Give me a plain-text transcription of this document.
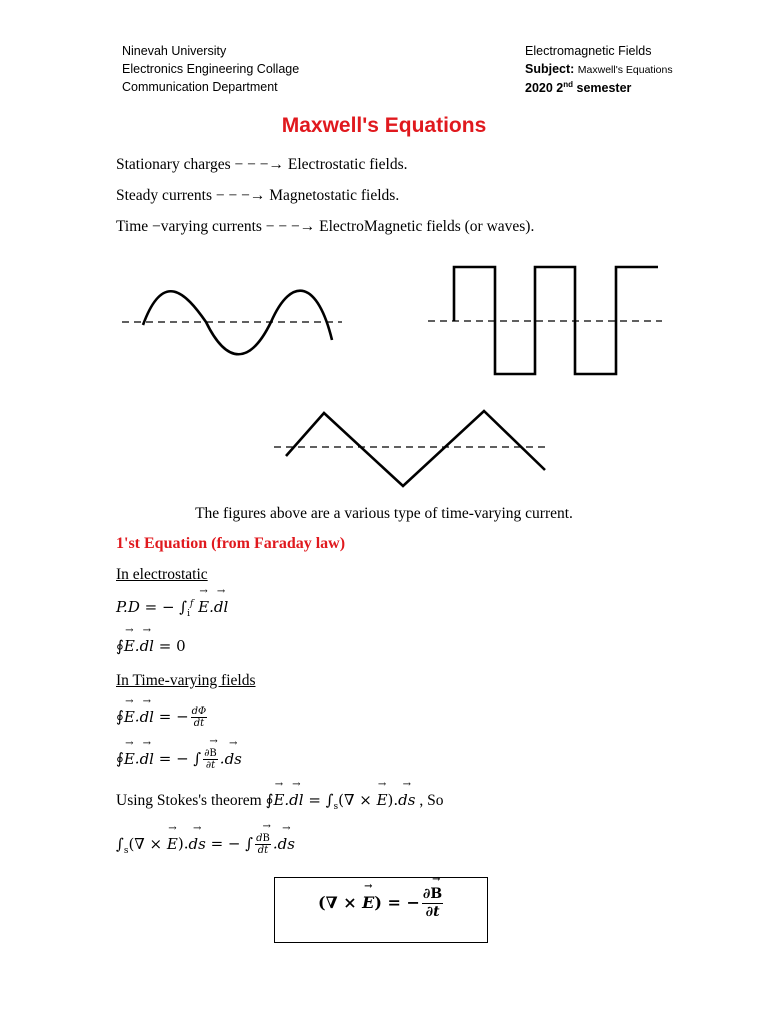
Ninevah University
Electronics Engineering Collage
Communication Department
Electromagnetic Fields
Subject: Maxwell's Equations
2020 2nd semester
Maxwell's Equations
Stationary charges − − −→ Electrostatic fields.
Steady currents − − −→ Magnetostatic fields.
Time −varying currents − − −→ ElectroMagnetic fields (or waves).
The figures above are a various type of time-varying current.
1'st Equation (from Faraday law)
In electrostatic
P.D = − $\int_i^f \to E.\to$ dl
∮→ E.→ dl = 0
In Time-varying fields
∮→ E.→ dl = − $\frac{d\Phi}{dt}$
∮→ E.→ dl = − ∫ $\frac{\partial\to B}{\partial t}$ .→ ds
Using Stokes's theorem ∮→ E.→ dl = $\int_s(\nabla$ × → E).→ ds , So
$\int_s(\nabla$ × → E).→ ds = − ∫ $\frac{d\to B}{dt}$ .→ ds
(∇ × → E) = − $\frac{\partial\to B}{\partial t}$
